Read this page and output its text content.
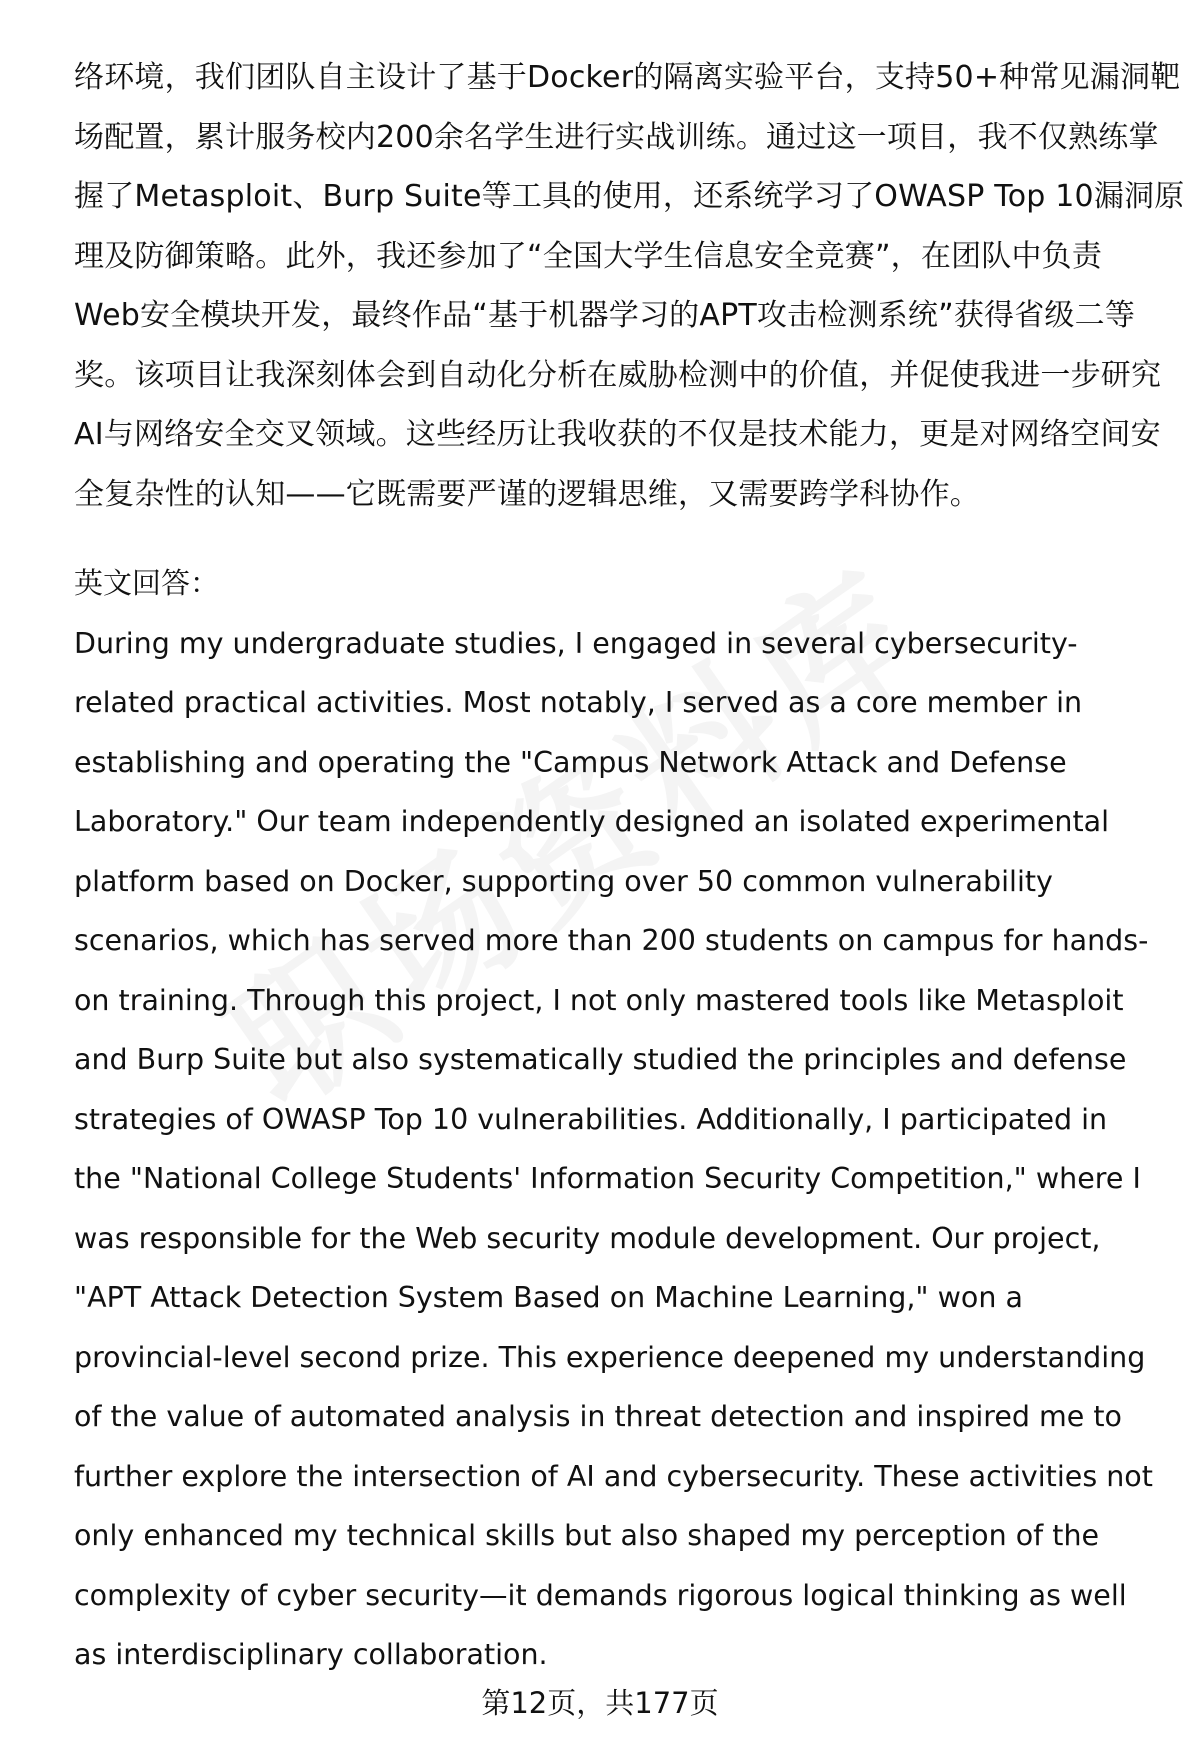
络环境，我们团队自主设计了基于Docker的隔离实验平台，支持50+种常见漏洞靶
场配置，累计服务校内200余名学生进行实战训练。通过这一项目，我不仅熟练掌
握了Metasploit、Burp Suite等工具的使用，还系统学习了OWASP Top 10漏洞原
理及防御策略。此外，我还参加了“全国大学生信息安全竞赛”，在团队中负责
Web安全模块开发，最终作品“基于机器学习的APT攻击检测系统”获得省级二等
奖。该项目让我深刻体会到自动化分析在威胁检测中的价值，并促使我进一步研究
AI与网络安全交叉领域。这些经历让我收获的不仅是技术能力，更是对网络空间安
全复杂性的认知——它既需要严谨的逻辑思维，又需要跨学科协作。
英文回答：
During my undergraduate studies, I engaged in several cybersecurity-
related practical activities. Most notably, I served as a core member in
establishing and operating the "Campus Network Attack and Defense
Laboratory." Our team independently designed an isolated experimental
platform based on Docker, supporting over 50 common vulnerability
scenarios, which has served more than 200 students on campus for hands-
on training. Through this project, I not only mastered tools like Metasploit
and Burp Suite but also systematically studied the principles and defense
strategies of OWASP Top 10 vulnerabilities. Additionally, I participated in
the "National College Students' Information Security Competition," where I
was responsible for the Web security module development. Our project,
"APT Attack Detection System Based on Machine Learning," won a
provincial-level second prize. This experience deepened my understanding
of the value of automated analysis in threat detection and inspired me to
further explore the intersection of AI and cybersecurity. These activities not
only enhanced my technical skills but also shaped my perception of the
complexity of cyber security—it demands rigorous logical thinking as well
as interdisciplinary collaboration.
第12页，共177页
